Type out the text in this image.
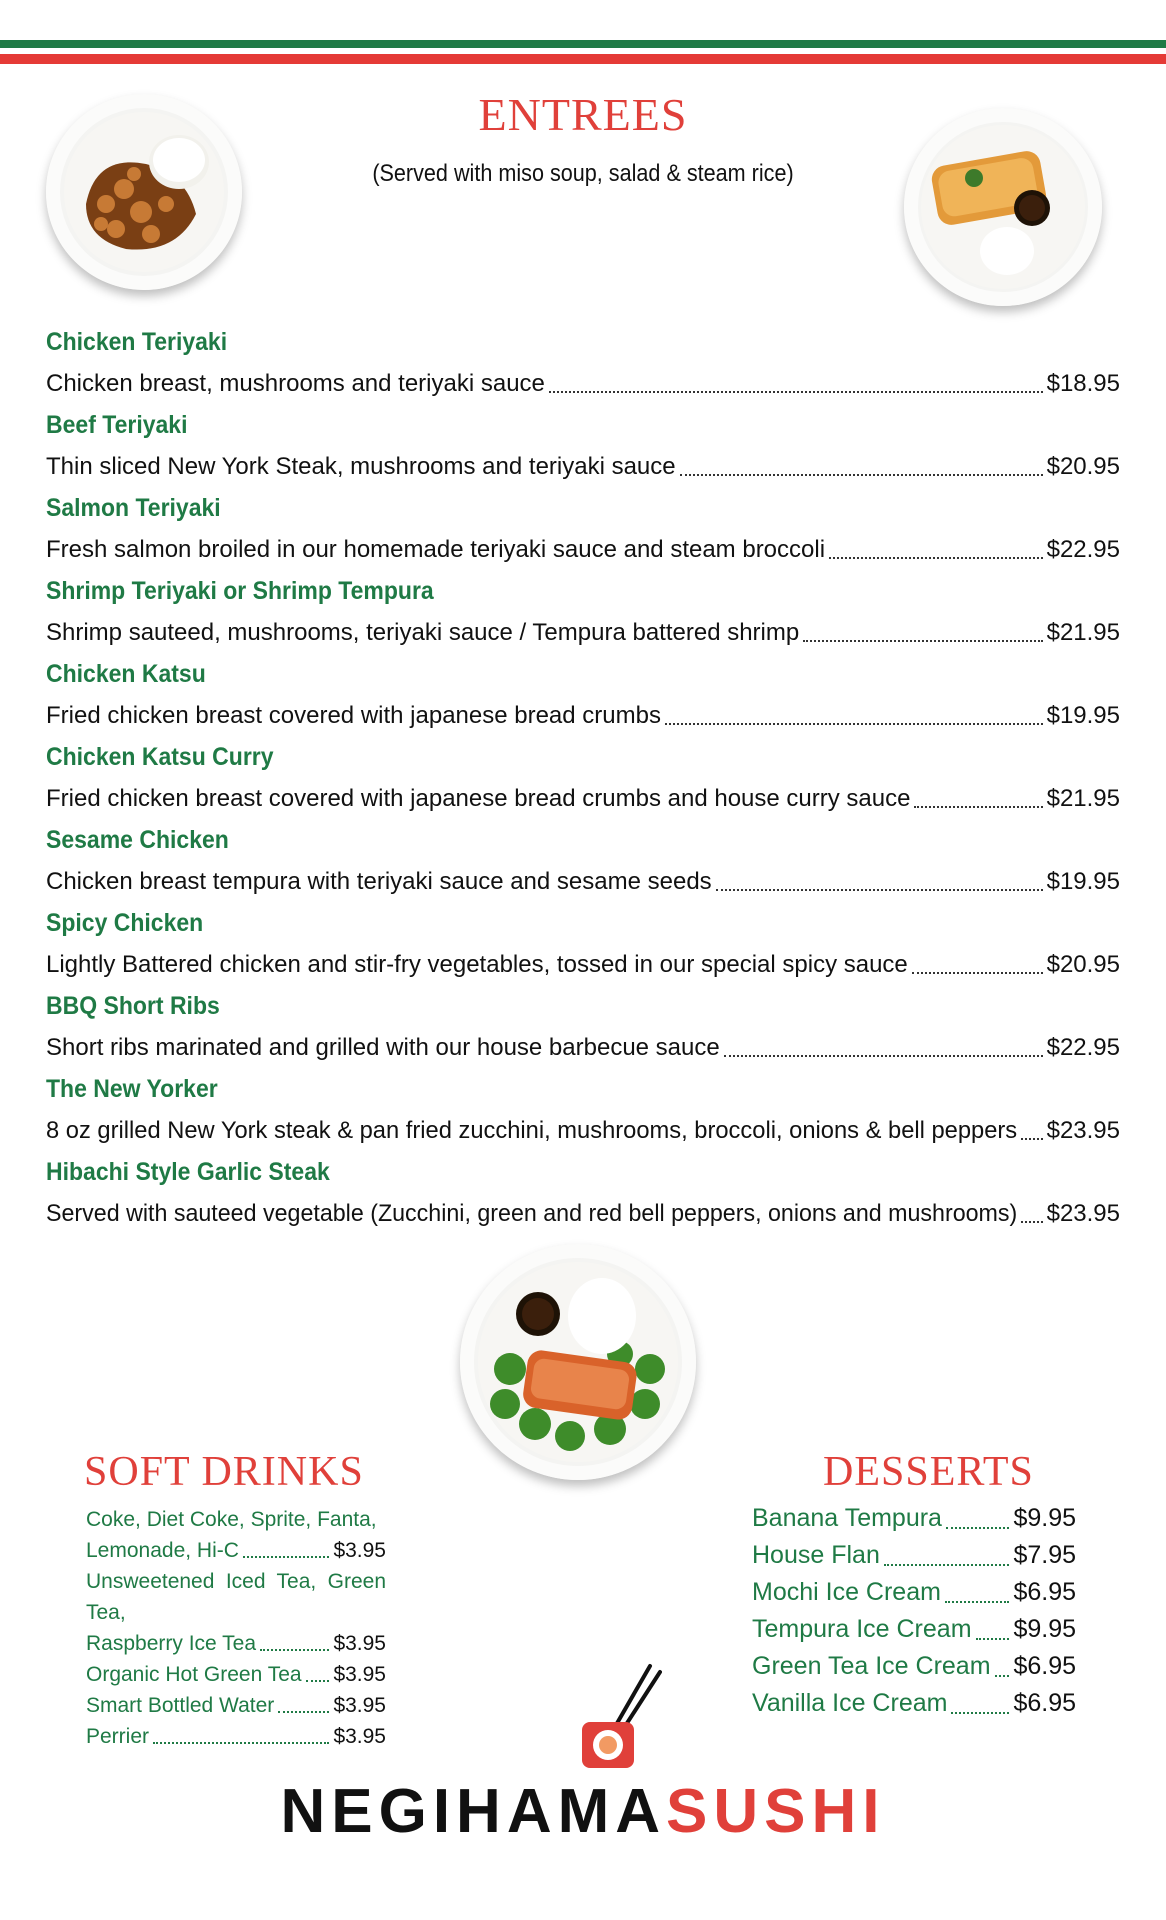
ENTREES
(Served with miso soup, salad & steam rice)
Chicken Teriyaki
Chicken breast, mushrooms and teriyaki sauce	$18.95
Beef Teriyaki
Thin sliced New York Steak, mushrooms and teriyaki sauce	$20.95
Salmon Teriyaki
Fresh salmon broiled in our homemade teriyaki sauce and steam broccoli	$22.95
Shrimp Teriyaki or Shrimp Tempura
Shrimp sauteed, mushrooms, teriyaki sauce / Tempura battered shrimp	$21.95
Chicken Katsu
Fried chicken breast covered with japanese bread crumbs	$19.95
Chicken Katsu Curry
Fried chicken breast covered with japanese bread crumbs and house curry sauce	$21.95
Sesame Chicken
Chicken breast tempura with teriyaki sauce and sesame seeds	$19.95
Spicy Chicken
Lightly Battered chicken and stir-fry vegetables, tossed in our special spicy sauce	$20.95
BBQ Short Ribs
Short ribs marinated and grilled with our house barbecue sauce	$22.95
The New Yorker
8 oz grilled New York steak & pan fried zucchini, mushrooms, broccoli, onions & bell peppers $23.95
Hibachi Style Garlic Steak
Served with sauteed vegetable (Zucchini, green and red bell peppers, onions and mushrooms) $23.95
SOFT DRINKS
Coke, Diet Coke, Sprite, Fanta,
Lemonade, Hi-C	$3.95
Unsweetened Iced Tea, Green Tea,
Raspberry Ice Tea	$3.95
Organic Hot Green Tea $3.95
Smart Bottled Water	$3.95
Perrier	$3.95
DESSERTS
Banana Tempura	$9.95
House Flan	$7.95
Mochi Ice Cream	$6.95
Tempura Ice Cream $9.95
Green Tea Ice Cream $6.95
Vanilla Ice Cream	$6.95
NEGIHAMASUSHI
